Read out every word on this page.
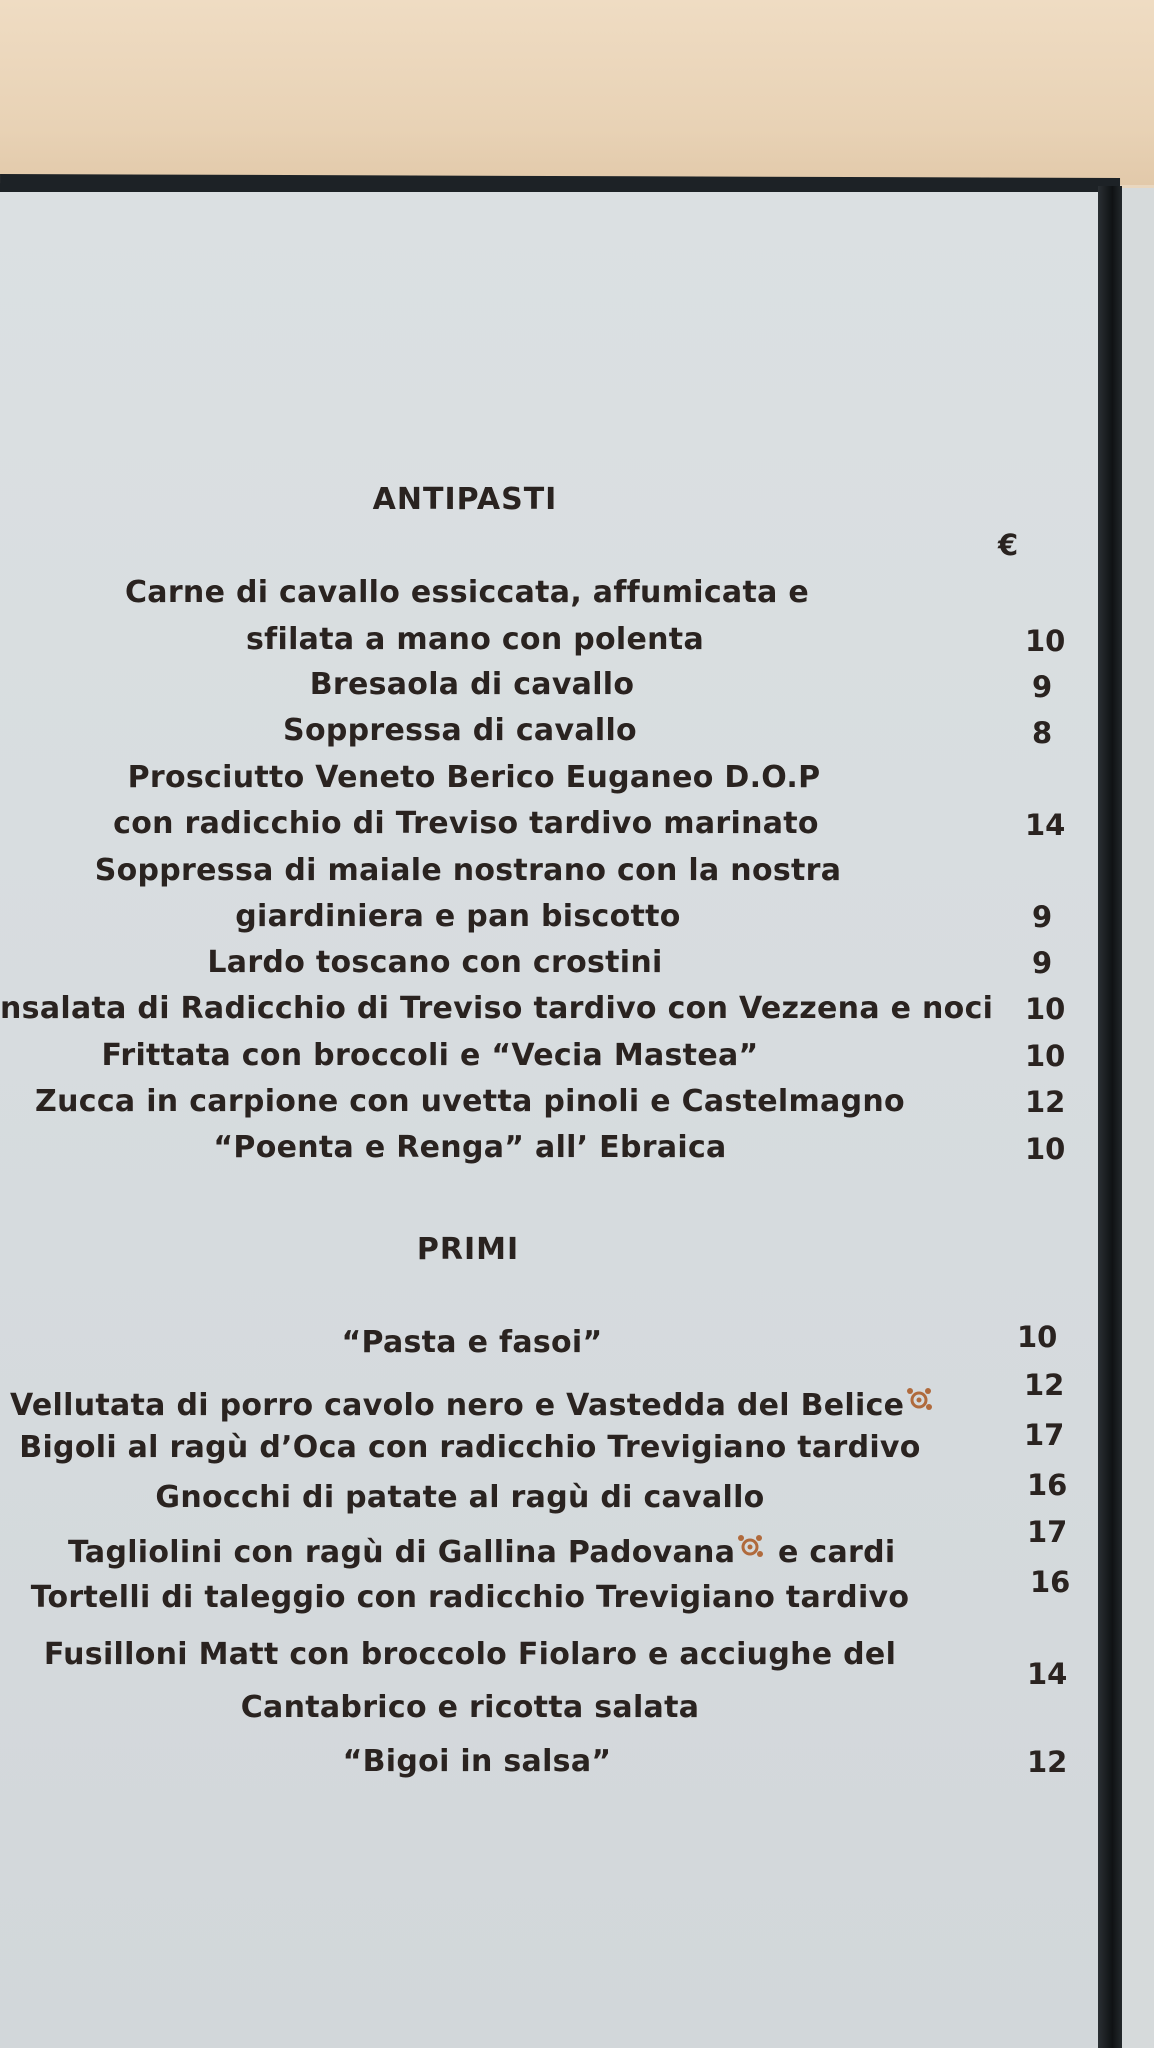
ANTIPASTI
€
Carne di cavallo essiccata, affumicata e
sfilata a mano con polenta
Bresaola di cavallo
Soppressa di cavallo
Prosciutto Veneto Berico Euganeo D.O.P
con radicchio di Treviso tardivo marinato
Soppressa di maiale nostrano con la nostra
giardiniera e pan biscotto
Lardo toscano con crostini
nsalata di Radicchio di Treviso tardivo con Vezzena e noci
Frittata con broccoli e “Vecia Mastea”
Zucca in carpione con uvetta pinoli e Castelmagno
“Poenta e Renga” all’ Ebraica
10
9
8
14
9
9
10
10
12
10
PRIMI
“Pasta e fasoi”
Vellutata di porro cavolo nero e Vastedda del Belice
Bigoli al ragù d’Oca con radicchio Trevigiano tardivo
Gnocchi di patate al ragù di cavallo
Tagliolini con ragù di Gallina Padovana e cardi
Tortelli di taleggio con radicchio Trevigiano tardivo
Fusilloni Matt con broccolo Fiolaro e acciughe del
Cantabrico e ricotta salata
“Bigoi in salsa”
10
12
17
16
17
16
14
12
